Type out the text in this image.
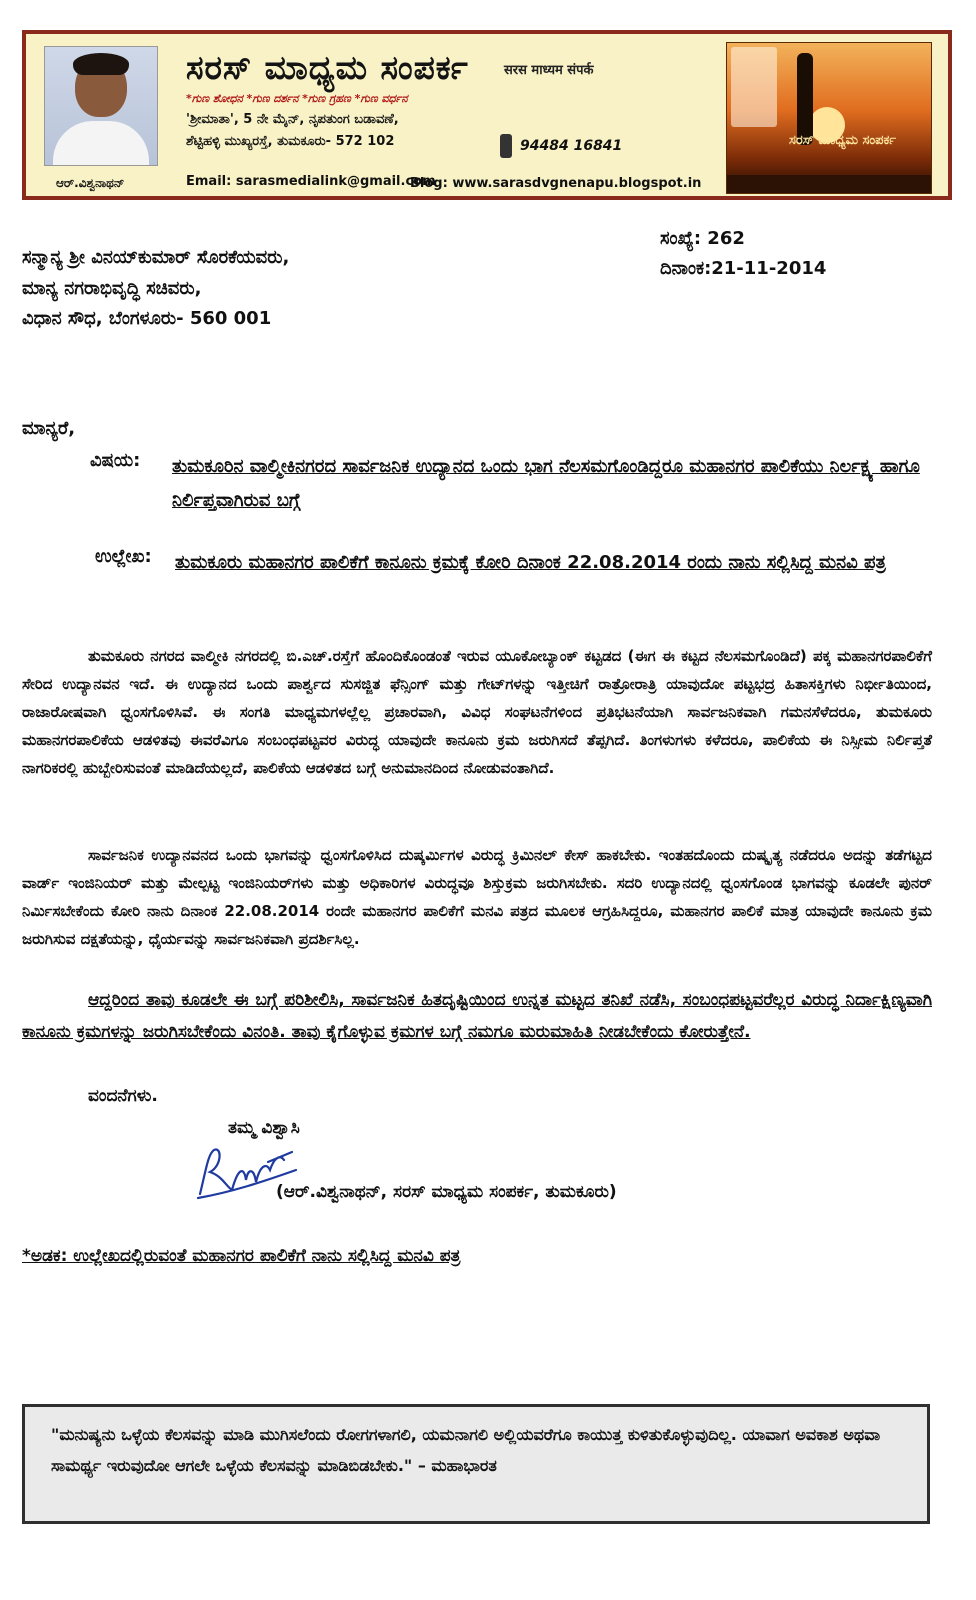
ಆರ್.ವಿಶ್ವನಾಥನ್
ಸರಸ್ ಮಾಧ್ಯಮ ಸಂಪರ್ಕ	सरस माध्यम संपर्क
*ಗುಣ ಶೋಧನ *ಗುಣ ದರ್ಶನ *ಗುಣ ಗ್ರಹಣ *ಗುಣ ವರ್ಧನ
'ಶ್ರೀಮಾತಾ', 5 ನೇ ಮೈನ್, ನೃಪತುಂಗ ಬಡಾವಣೆ,
ಶೆಟ್ಟಿಹಳ್ಳಿ ಮುಖ್ಯರಸ್ತೆ, ತುಮಕೂರು- 572 102	94484 16841
Email: sarasmedialink@gmail.com
Blog: www.sarasdvgnenapu.blogspot.in
ಸರಸ್ ಮಾಧ್ಯಮ ಸಂಪರ್ಕ
ಸನ್ಮಾನ್ಯ ಶ್ರೀ ವಿನಯ್‌ಕುಮಾರ್ ಸೊರಕೆಯವರು,
ಮಾನ್ಯ ನಗರಾಭಿವೃದ್ಧಿ ಸಚಿವರು,
ವಿಧಾನ ಸೌಧ, ಬೆಂಗಳೂರು- 560 001
ಸಂಖ್ಯೆ: 262
ದಿನಾಂಕ:21-11-2014
ಮಾನ್ಯರೆ,
ವಿಷಯ: ತುಮಕೂರಿನ ವಾಲ್ಮೀಕಿನಗರದ ಸಾರ್ವಜನಿಕ ಉದ್ಯಾನದ ಒಂದು ಭಾಗ ನೆಲಸಮಗೊಂಡಿದ್ದರೂ ಮಹಾನಗರ ಪಾಲಿಕೆಯು ನಿರ್ಲಕ್ಷ್ಯ ಹಾಗೂ ನಿರ್ಲಿಪ್ತವಾಗಿರುವ ಬಗ್ಗೆ
ಉಲ್ಲೇಖ: ತುಮಕೂರು ಮಹಾನಗರ ಪಾಲಿಕೆಗೆ ಕಾನೂನು ಕ್ರಮಕ್ಕೆ ಕೋರಿ ದಿನಾಂಕ 22.08.2014 ರಂದು ನಾನು ಸಲ್ಲಿಸಿದ್ದ ಮನವಿ ಪತ್ರ
ತುಮಕೂರು ನಗರದ ವಾಲ್ಮೀಕಿ ನಗರದಲ್ಲಿ ಬಿ.ಎಚ್.ರಸ್ತೆಗೆ ಹೊಂದಿಕೊಂಡಂತೆ ಇರುವ ಯೂಕೋಬ್ಯಾಂಕ್ ಕಟ್ಟಡದ (ಈಗ ಈ ಕಟ್ಟದ ನೆಲಸಮಗೊಂಡಿದೆ) ಪಕ್ಕ ಮಹಾನಗರಪಾಲಿಕೆಗೆ ಸೇರಿದ ಉದ್ಯಾನವನ ಇದೆ. ಈ ಉದ್ಯಾನದ ಒಂದು ಪಾರ್ಶ್ವದ ಸುಸಜ್ಜಿತ ಫೆನ್ಸಿಂಗ್ ಮತ್ತು ಗೇಟ್‌ಗಳನ್ನು ಇತ್ತೀಚಿಗೆ ರಾತ್ರೋರಾತ್ರಿ ಯಾವುದೋ ಪಟ್ಟಭದ್ರ ಹಿತಾಸಕ್ತಿಗಳು ನಿರ್ಭೀತಿಯಿಂದ, ರಾಜಾರೋಷವಾಗಿ ಧ್ವಂಸಗೊಳಿಸಿವೆ. ಈ ಸಂಗತಿ ಮಾಧ್ಯಮಗಳಲ್ಲೆಲ್ಲ ಪ್ರಚಾರವಾಗಿ, ವಿವಿಧ ಸಂಘಟನೆಗಳಿಂದ ಪ್ರತಿಭಟನೆಯಾಗಿ ಸಾರ್ವಜನಿಕವಾಗಿ ಗಮನಸೆಳೆದರೂ, ತುಮಕೂರು ಮಹಾನಗರಪಾಲಿಕೆಯ ಆಡಳಿತವು ಈವರೆವಿಗೂ ಸಂಬಂಧಪಟ್ಟವರ ವಿರುದ್ಧ ಯಾವುದೇ ಕಾನೂನು ಕ್ರಮ ಜರುಗಿಸದೆ ತೆಪ್ಪಗಿದೆ. ತಿಂಗಳುಗಳು ಕಳೆದರೂ, ಪಾಲಿಕೆಯ ಈ ನಿಸ್ಸೀಮ ನಿರ್ಲಿಪ್ತತೆ ನಾಗರಿಕರಲ್ಲಿ ಹುಬ್ಬೇರಿಸುವಂತೆ ಮಾಡಿದೆಯಲ್ಲದೆ, ಪಾಲಿಕೆಯ ಆಡಳಿತದ ಬಗ್ಗೆ ಅನುಮಾನದಿಂದ ನೋಡುವಂತಾಗಿದೆ.
ಸಾರ್ವಜನಿಕ ಉದ್ಯಾನವನದ ಒಂದು ಭಾಗವನ್ನು ಧ್ವಂಸಗೊಳಿಸಿದ ದುಷ್ಕರ್ಮಿಗಳ ವಿರುದ್ಧ ಕ್ರಿಮಿನಲ್ ಕೇಸ್ ಹಾಕಬೇಕು. ಇಂತಹದೊಂದು ದುಷ್ಕೃತ್ಯ ನಡೆದರೂ ಅದನ್ನು ತಡೆಗಟ್ಟದ ವಾರ್ಡ್ ಇಂಜಿನಿಯರ್ ಮತ್ತು ಮೇಲ್ಪಟ್ಟ ಇಂಜಿನಿಯರ್‌ಗಳು ಮತ್ತು ಅಧಿಕಾರಿಗಳ ವಿರುದ್ಧವೂ ಶಿಸ್ತುಕ್ರಮ ಜರುಗಿಸಬೇಕು. ಸದರಿ ಉದ್ಯಾನದಲ್ಲಿ ಧ್ವಂಸಗೊಂಡ ಭಾಗವನ್ನು ಕೂಡಲೇ ಪುನರ್ ನಿರ್ಮಿಸಬೇಕೆಂದು ಕೋರಿ ನಾನು ದಿನಾಂಕ 22.08.2014 ರಂದೇ ಮಹಾನಗರ ಪಾಲಿಕೆಗೆ ಮನವಿ ಪತ್ರದ ಮೂಲಕ ಆಗ್ರಹಿಸಿದ್ದರೂ, ಮಹಾನಗರ ಪಾಲಿಕೆ ಮಾತ್ರ ಯಾವುದೇ ಕಾನೂನು ಕ್ರಮ ಜರುಗಿಸುವ ದಕ್ಷತೆಯನ್ನು, ಧೈರ್ಯವನ್ನು ಸಾರ್ವಜನಿಕವಾಗಿ ಪ್ರದರ್ಶಿಸಿಲ್ಲ.
ಆದ್ದರಿಂದ ತಾವು ಕೂಡಲೇ ಈ ಬಗ್ಗೆ ಪರಿಶೀಲಿಸಿ, ಸಾರ್ವಜನಿಕ ಹಿತದೃಷ್ಟಿಯಿಂದ ಉನ್ನತ ಮಟ್ಟದ ತನಿಖೆ ನಡೆಸಿ, ಸಂಬಂಧಪಟ್ಟವರೆಲ್ಲರ ವಿರುದ್ಧ ನಿರ್ದಾಕ್ಷಿಣ್ಯವಾಗಿ ಕಾನೂನು ಕ್ರಮಗಳನ್ನು ಜರುಗಿಸಬೇಕೆಂದು ವಿನಂತಿ. ತಾವು ಕೈಗೊಳ್ಳುವ ಕ್ರಮಗಳ ಬಗ್ಗೆ ನಮಗೂ ಮರುಮಾಹಿತಿ ನೀಡಬೇಕೆಂದು ಕೋರುತ್ತೇನೆ.
ವಂದನೆಗಳು.
ತಮ್ಮ ವಿಶ್ವಾಸಿ
(ಆರ್.ವಿಶ್ವನಾಥನ್, ಸರಸ್ ಮಾಧ್ಯಮ ಸಂಪರ್ಕ, ತುಮಕೂರು)
*ಅಡಕ: ಉಲ್ಲೇಖದಲ್ಲಿರುವಂತೆ ಮಹಾನಗರ ಪಾಲಿಕೆಗೆ ನಾನು ಸಲ್ಲಿಸಿದ್ದ ಮನವಿ ಪತ್ರ
"ಮನುಷ್ಯನು ಒಳ್ಳೆಯ ಕೆಲಸವನ್ನು ಮಾಡಿ ಮುಗಿಸಲೆಂದು ರೋಗಗಳಾಗಲಿ, ಯಮನಾಗಲಿ ಅಲ್ಲಿಯವರೆಗೂ ಕಾಯುತ್ತ ಕುಳಿತುಕೊಳ್ಳುವುದಿಲ್ಲ. ಯಾವಾಗ ಅವಕಾಶ ಅಥವಾ ಸಾಮರ್ಥ್ಯ ಇರುವುದೋ ಆಗಲೇ ಒಳ್ಳೆಯ ಕೆಲಸವನ್ನು ಮಾಡಿಬಿಡಬೇಕು." – ಮಹಾಭಾರತ
